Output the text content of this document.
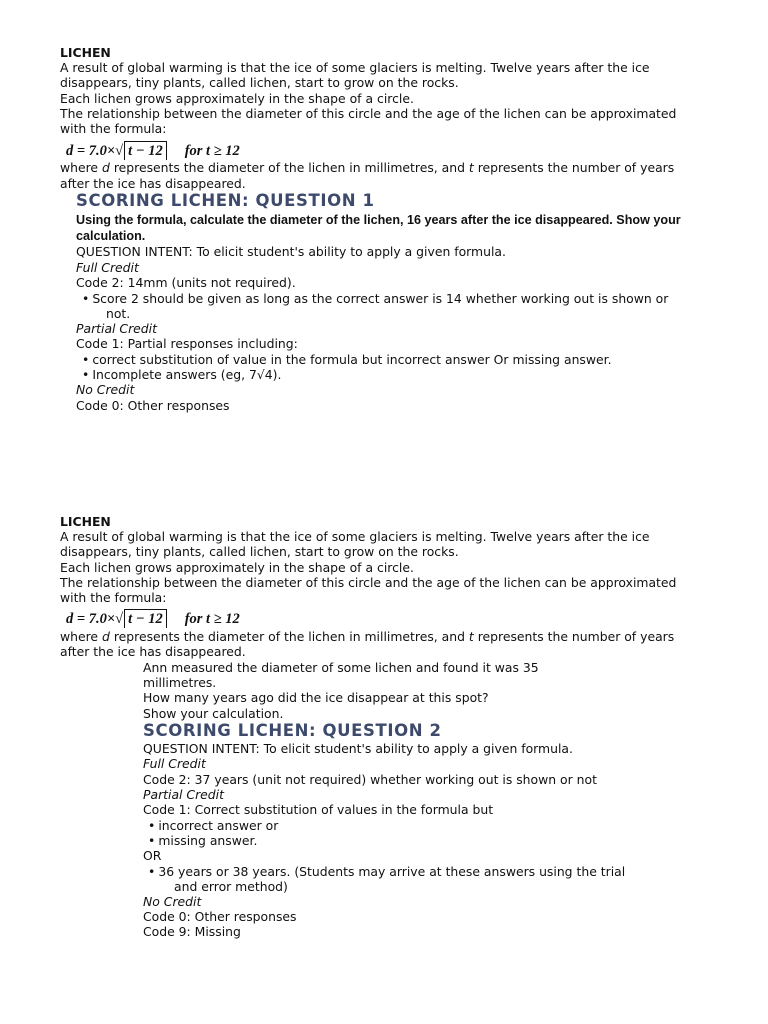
LICHEN
A result of global warming is that the ice of some glaciers is melting. Twelve years after the ice
disappears, tiny plants, called lichen, start to grow on the rocks.
Each lichen grows approximately in the shape of a circle.
The relationship between the diameter of this circle and the age of the lichen can be approximated
with the formula:
d = 7.0×√ t − 12 for t ≥ 12
where d represents the diameter of the lichen in millimetres, and t represents the number of years
after the ice has disappeared.
SCORING LICHEN: QUESTION 1
Using the formula, calculate the diameter of the lichen, 16 years after the ice disappeared. Show your
calculation.
QUESTION INTENT: To elicit student's ability to apply a given formula.
Full Credit
Code 2: 14mm (units not required).
• Score 2 should be given as long as the correct answer is 14 whether working out is shown or
not.
Partial Credit
Code 1: Partial responses including:
• correct substitution of value in the formula but incorrect answer Or missing answer.
• Incomplete answers (eg, 7√4).
No Credit
Code 0: Other responses
LICHEN
A result of global warming is that the ice of some glaciers is melting. Twelve years after the ice
disappears, tiny plants, called lichen, start to grow on the rocks.
Each lichen grows approximately in the shape of a circle.
The relationship between the diameter of this circle and the age of the lichen can be approximated
with the formula:
d = 7.0×√ t − 12 for t ≥ 12
where d represents the diameter of the lichen in millimetres, and t represents the number of years
after the ice has disappeared.
Ann measured the diameter of some lichen and found it was 35
millimetres.
How many years ago did the ice disappear at this spot?
Show your calculation.
SCORING LICHEN: QUESTION 2
QUESTION INTENT: To elicit student's ability to apply a given formula.
Full Credit
Code 2: 37 years (unit not required) whether working out is shown or not
Partial Credit
Code 1: Correct substitution of values in the formula but
• incorrect answer or
• missing answer.
OR
• 36 years or 38 years. (Students may arrive at these answers using the trial
and error method)
No Credit
Code 0: Other responses
Code 9: Missing
